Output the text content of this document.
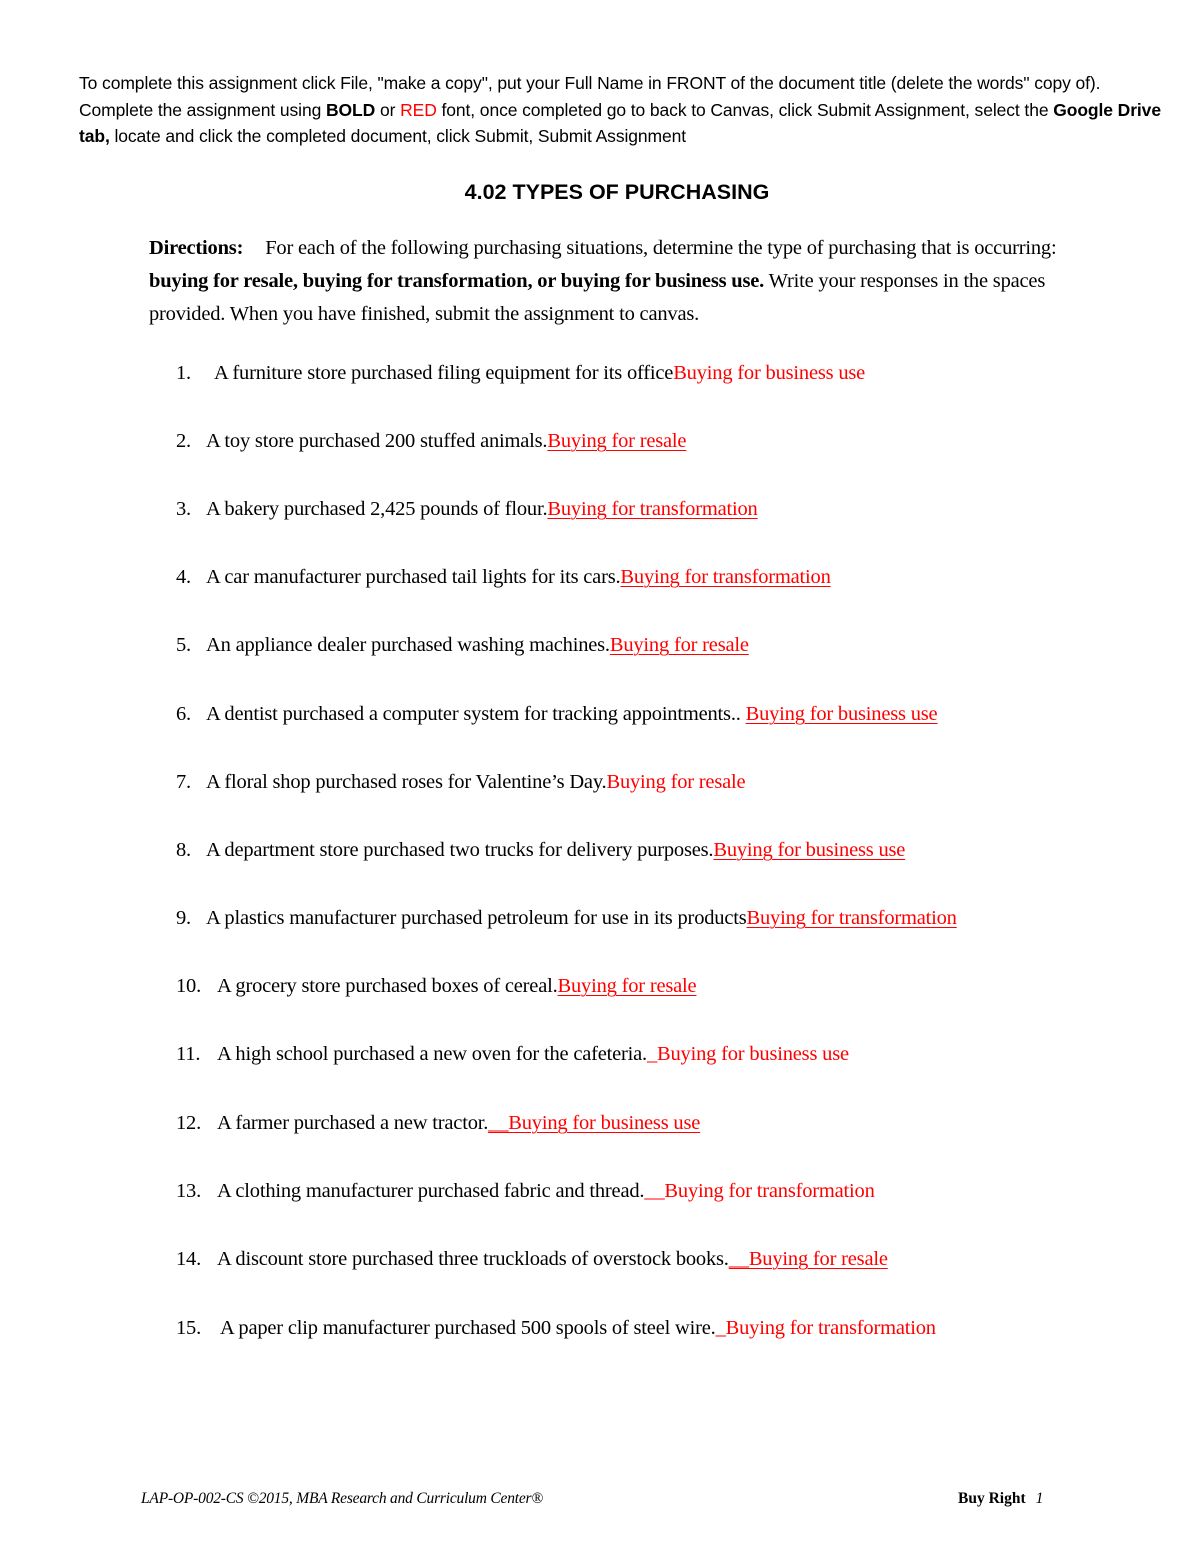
To complete this assignment click File, "make a copy", put your Full Name in FRONT of the document title (delete the words" copy of). Complete the assignment using BOLD or RED font, once completed go to back to Canvas, click Submit Assignment, select the Google Drive tab, locate and click the completed document, click Submit, Submit Assignment
4.02 TYPES OF PURCHASING
Directions: For each of the following purchasing situations, determine the type of purchasing that is occurring: buying for resale, buying for transformation, or buying for business use. Write your responses in the spaces provided. When you have finished, submit the assignment to canvas.
1. A furniture store purchased filing equipment for its officeBuying for business use
2. A toy store purchased 200 stuffed animals.Buying for resale
3. A bakery purchased 2,425 pounds of flour.Buying for transformation
4. A car manufacturer purchased tail lights for its cars.Buying for transformation
5. An appliance dealer purchased washing machines.Buying for resale
6. A dentist purchased a computer system for tracking appointments.. Buying for business use
7. A floral shop purchased roses for Valentine’s Day.Buying for resale
8. A department store purchased two trucks for delivery purposes.Buying for business use
9. A plastics manufacturer purchased petroleum for use in its productsBuying for transformation
10. A grocery store purchased boxes of cereal.Buying for resale
11. A high school purchased a new oven for the cafeteria._Buying for business use
12. A farmer purchased a new tractor.__Buying for business use
13. A clothing manufacturer purchased fabric and thread.__Buying for transformation
14. A discount store purchased three truckloads of overstock books.__Buying for resale
15. A paper clip manufacturer purchased 500 spools of steel wire._Buying for transformation
LAP-OP-002-CS ©2015, MBA Research and Curriculum Center®	Buy Right 1
